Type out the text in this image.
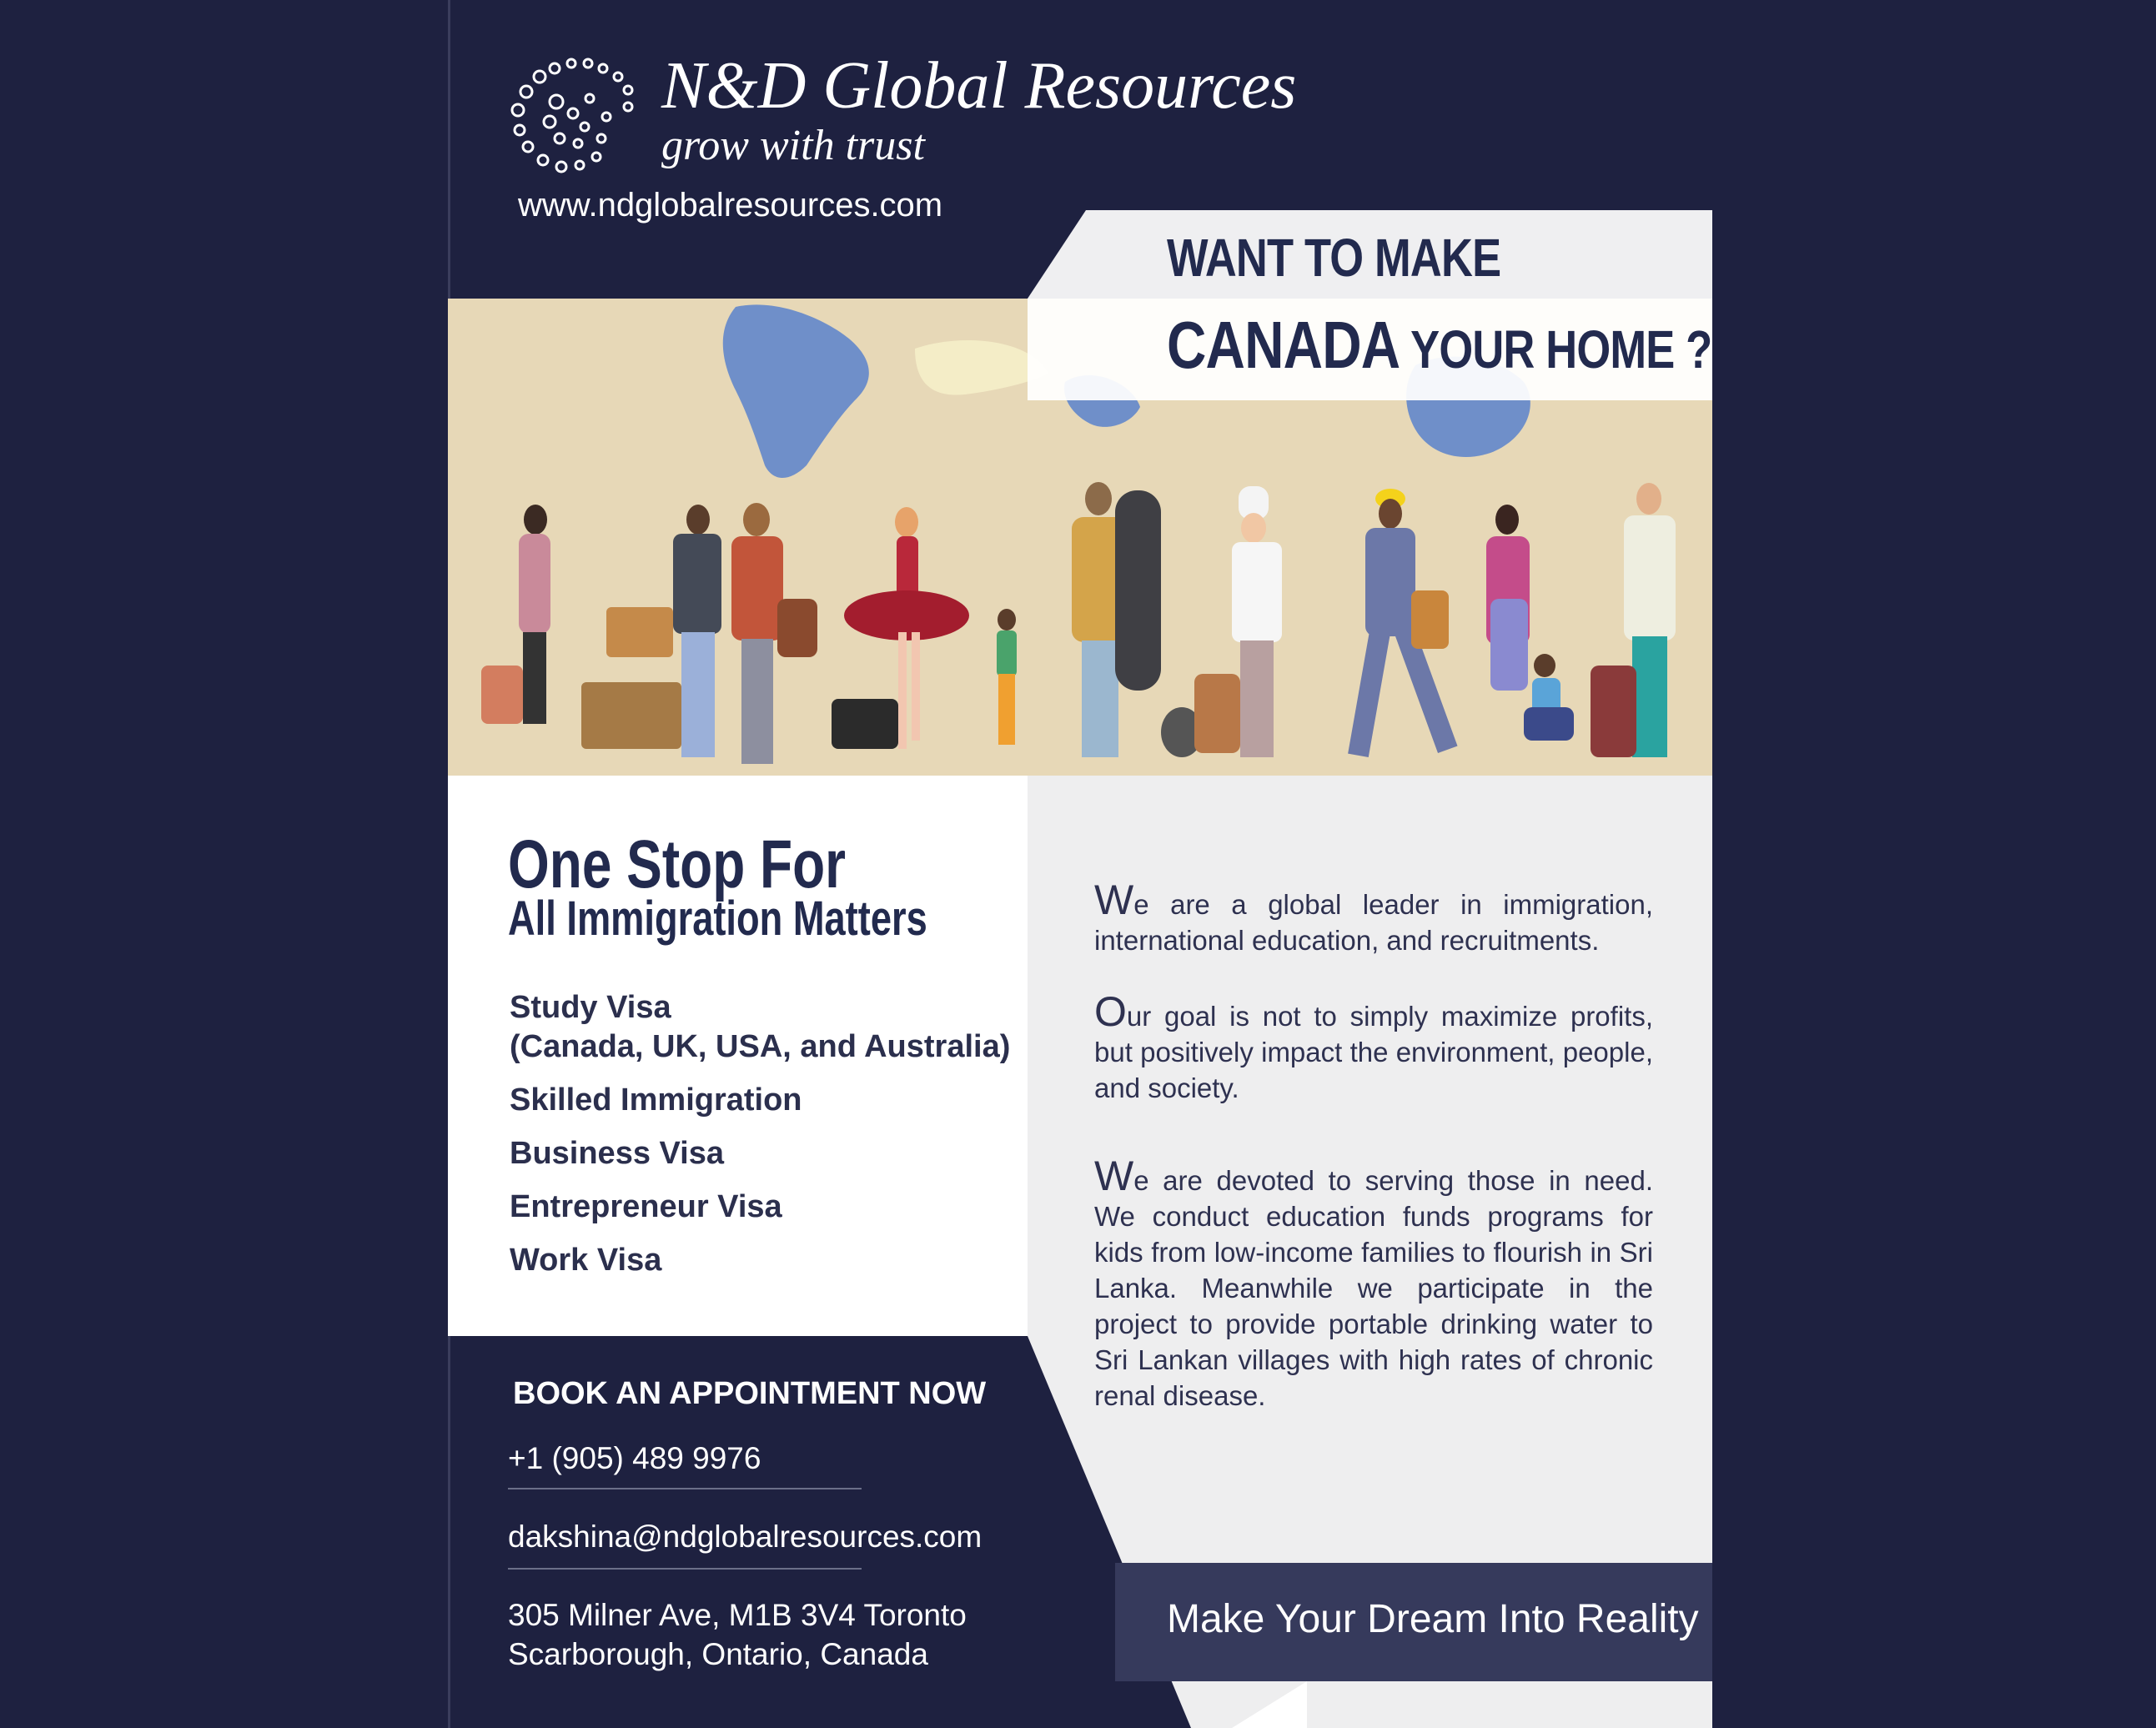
N&D Global Resources
grow with trust
www.ndglobalresources.com
WANT TO MAKE
CANADA YOUR HOME ?
One Stop For
All Immigration Matters
Study Visa
(Canada, UK, USA, and Australia)
Skilled Immigration
Business Visa
Entrepreneur Visa
Work Visa

We are a global leader in immigration, international education, and recruitments.

Our goal is not to simply maximize profits, but positively impact the environment, people, and society.

We are devoted to serving those in need. We conduct education funds programs for kids from low-income families to flourish in Sri Lanka. Meanwhile we participate in the project to provide portable drinking water to Sri Lankan villages with high rates of chronic renal disease.

BOOK AN APPOINTMENT NOW
+1 (905) 489 9976
dakshina@ndglobalresources.com
305 Milner Ave, M1B 3V4 Toronto
Scarborough, Ontario, Canada
Make Your Dream Into Reality
